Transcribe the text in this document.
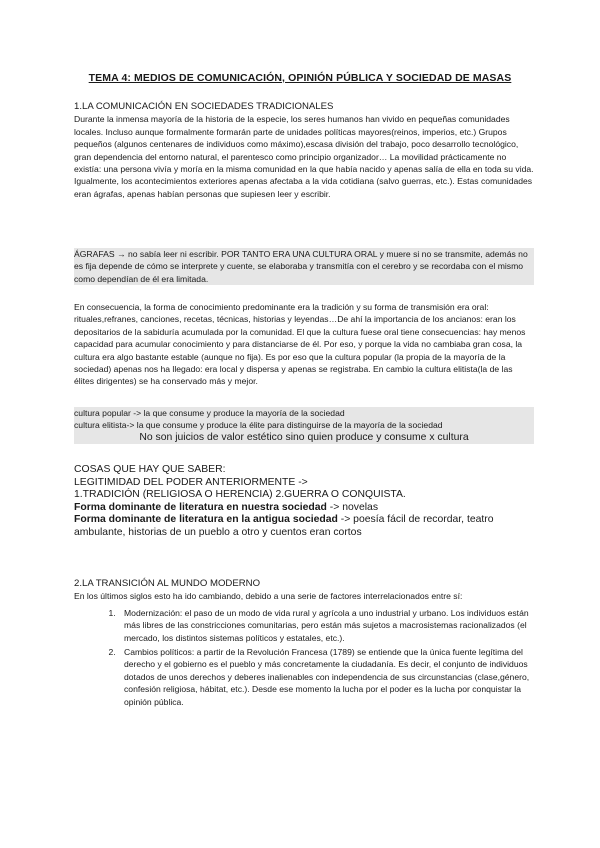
TEMA 4: MEDIOS DE COMUNICACIÓN, OPINIÓN PÚBLICA Y SOCIEDAD DE MASAS
1.LA COMUNICACIÓN EN SOCIEDADES TRADICIONALES
Durante la inmensa mayoría de la historia de la especie, los seres humanos han vivido en pequeñas comunidades locales. Incluso aunque formalmente formarán parte de unidades políticas mayores(reinos, imperios, etc.) Grupos pequeños (algunos centenares de individuos como máximo),escasa división del trabajo, poco desarrollo tecnológico, gran dependencia del entorno natural, el parentesco como principio organizador… La movilidad prácticamente no existía: una persona vivía y moría en la misma comunidad en la que había nacido y apenas salía de ella en toda su vida. Igualmente, los acontecimientos exteriores apenas afectaba a la vida cotidiana (salvo guerras, etc.). Estas comunidades eran ágrafas, apenas habían personas que supiesen leer y escribir.
ÁGRAFAS → no sabía leer ni escribir. POR TANTO ERA UNA CULTURA ORAL y muere si no se transmite, además no es fija depende de cómo se interprete y cuente, se elaboraba y transmitía con el cerebro y se recordaba con el mismo como dependían de él era limitada.
En consecuencia, la forma de conocimiento predominante era la tradición y su forma de transmisión era oral: rituales,refranes, canciones, recetas, técnicas, historias y leyendas…De ahí la importancia de los ancianos: eran los depositarios de la sabiduría acumulada por la comunidad. El que la cultura fuese oral tiene consecuencias: hay menos capacidad para acumular conocimiento y para distanciarse de él. Por eso, y porque la vida no cambiaba gran cosa, la cultura era algo bastante estable (aunque no fija). Es por eso que la cultura popular (la propia de la mayoría de la sociedad) apenas nos ha llegado: era local y dispersa y apenas se registraba. En cambio la cultura elitista(la de las élites dirigentes) se ha conservado más y mejor.
cultura popular -> la que consume y produce la mayoría de la sociedad
cultura elitista-> la que consume y produce la élite para distinguirse de la mayoría de la sociedad
No son juicios de valor estético sino quien produce y consume x cultura
COSAS QUE HAY QUE SABER:
LEGITIMIDAD DEL PODER ANTERIORMENTE ->
1.TRADICIÓN (RELIGIOSA O HERENCIA) 2.GUERRA O CONQUISTA.
Forma dominante de literatura en nuestra sociedad -> novelas
Forma dominante de literatura en la antigua sociedad -> poesía fácil de recordar, teatro ambulante, historias de un pueblo a otro y cuentos eran cortos
2.LA TRANSICIÓN AL MUNDO MODERNO
En los últimos siglos esto ha ido cambiando, debido a una serie de factores interrelacionados entre sí:
1. Modernización: el paso de un modo de vida rural y agrícola a uno industrial y urbano. Los individuos están más libres de las constricciones comunitarias, pero están más sujetos a macrosistemas racionalizados (el mercado, los distintos sistemas políticos y estatales, etc.).
2. Cambios políticos: a partir de la Revolución Francesa (1789) se entiende que la única fuente legítima del derecho y el gobierno es el pueblo y más concretamente la ciudadanía. Es decir, el conjunto de individuos dotados de unos derechos y deberes inalienables con independencia de sus circunstancias (clase,género, confesión religiosa, hábitat, etc.). Desde ese momento la lucha por el poder es la lucha por conquistar la opinión pública.
